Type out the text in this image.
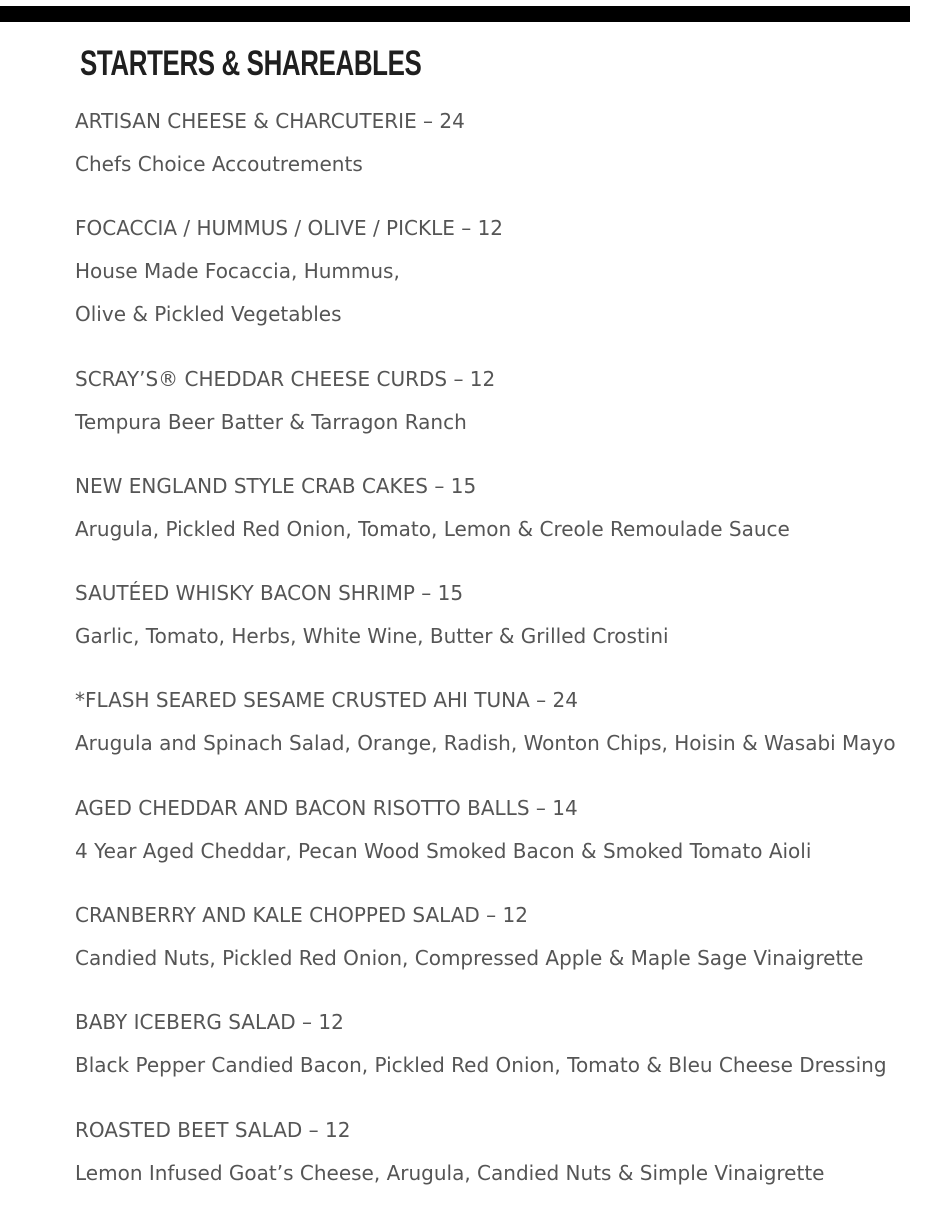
STARTERS & SHAREABLES
ARTISAN CHEESE & CHARCUTERIE – 24
Chefs Choice Accoutrements
FOCACCIA / HUMMUS / OLIVE / PICKLE – 12
House Made Focaccia, Hummus,
Olive & Pickled Vegetables
SCRAY’S® CHEDDAR CHEESE CURDS – 12
Tempura Beer Batter & Tarragon Ranch
NEW ENGLAND STYLE CRAB CAKES – 15
Arugula, Pickled Red Onion, Tomato, Lemon & Creole Remoulade Sauce
SAUTÉED WHISKY BACON SHRIMP – 15
Garlic, Tomato, Herbs, White Wine, Butter & Grilled Crostini
*FLASH SEARED SESAME CRUSTED AHI TUNA – 24
Arugula and Spinach Salad, Orange, Radish, Wonton Chips, Hoisin & Wasabi Mayo
AGED CHEDDAR AND BACON RISOTTO BALLS – 14
4 Year Aged Cheddar, Pecan Wood Smoked Bacon & Smoked Tomato Aioli
CRANBERRY AND KALE CHOPPED SALAD – 12
Candied Nuts, Pickled Red Onion, Compressed Apple & Maple Sage Vinaigrette
BABY ICEBERG SALAD – 12
Black Pepper Candied Bacon, Pickled Red Onion, Tomato & Bleu Cheese Dressing
ROASTED BEET SALAD – 12
Lemon Infused Goat’s Cheese, Arugula, Candied Nuts & Simple Vinaigrette
